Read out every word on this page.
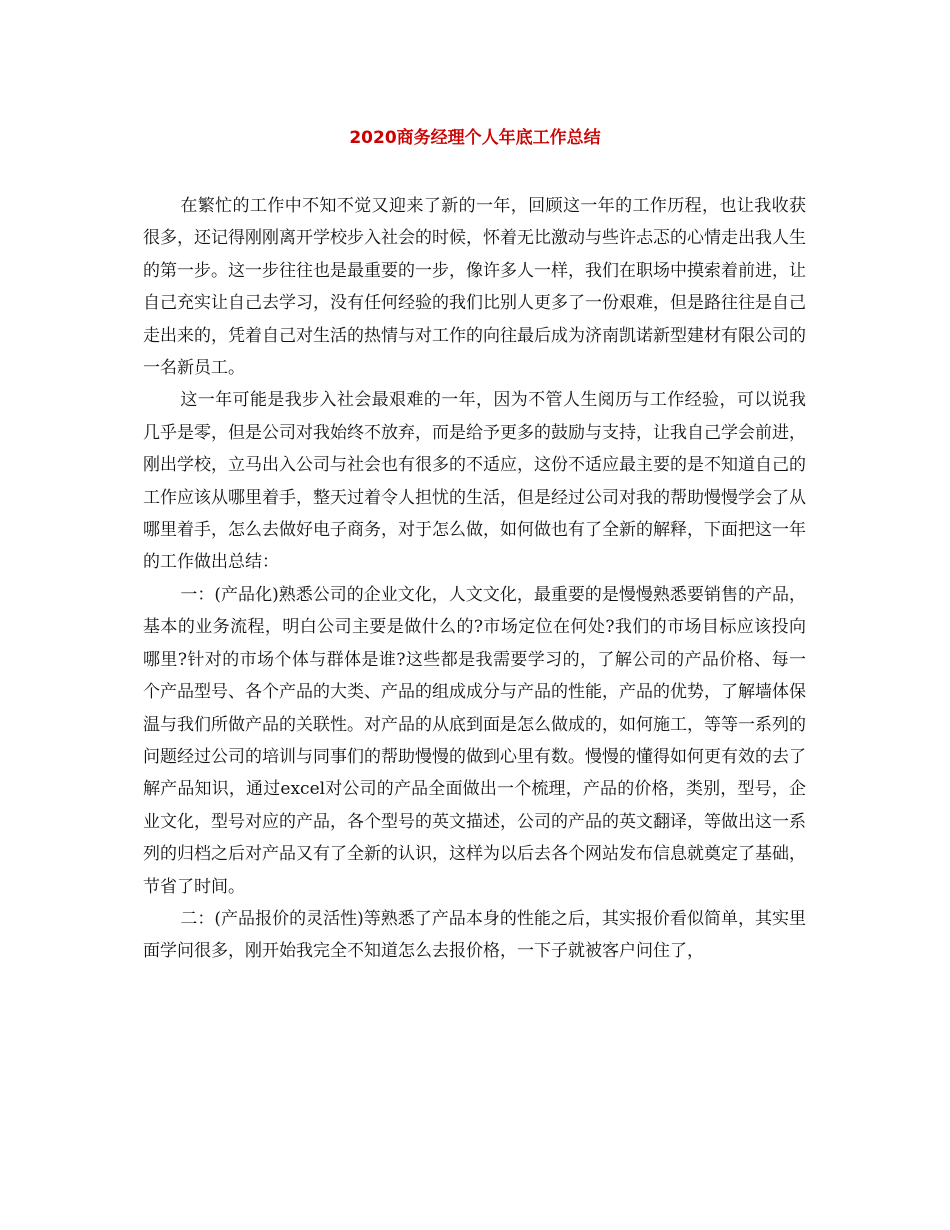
2020商务经理个人年底工作总结

在繁忙的工作中不知不觉又迎来了新的一年，回顾这一年的工作历程，也让我收获很多，还记得刚刚离开学校步入社会的时候，怀着无比激动与些许忐忑的心情走出我人生的第一步。这一步往往也是最重要的一步，像许多人一样，我们在职场中摸索着前进，让自己充实让自己去学习，没有任何经验的我们比别人更多了一份艰难，但是路往往是自己走出来的，凭着自己对生活的热情与对工作的向往最后成为济南凯诺新型建材有限公司的一名新员工。

这一年可能是我步入社会最艰难的一年，因为不管人生阅历与工作经验，可以说我几乎是零，但是公司对我始终不放弃，而是给予更多的鼓励与支持，让我自己学会前进，刚出学校，立马出入公司与社会也有很多的不适应，这份不适应最主要的是不知道自己的工作应该从哪里着手，整天过着令人担忧的生活，但是经过公司对我的帮助慢慢学会了从哪里着手，怎么去做好电子商务，对于怎么做，如何做也有了全新的解释，下面把这一年的工作做出总结：

一：(产品化)熟悉公司的企业文化，人文文化，最重要的是慢慢熟悉要销售的产品，基本的业务流程，明白公司主要是做什么的?市场定位在何处?我们的市场目标应该投向哪里?针对的市场个体与群体是谁?这些都是我需要学习的，了解公司的产品价格、每一个产品型号、各个产品的大类、产品的组成成分与产品的性能，产品的优势，了解墙体保温与我们所做产品的关联性。对产品的从底到面是怎么做成的，如何施工，等等一系列的问题经过公司的培训与同事们的帮助慢慢的做到心里有数。慢慢的懂得如何更有效的去了解产品知识，通过excel对公司的产品全面做出一个梳理，产品的价格，类别，型号，企业文化，型号对应的产品，各个型号的英文描述，公司的产品的英文翻译，等做出这一系列的归档之后对产品又有了全新的认识，这样为以后去各个网站发布信息就奠定了基础，节省了时间。

二：(产品报价的灵活性)等熟悉了产品本身的性能之后，其实报价看似简单，其实里面学问很多，刚开始我完全不知道怎么去报价格，一下子就被客户问住了，
